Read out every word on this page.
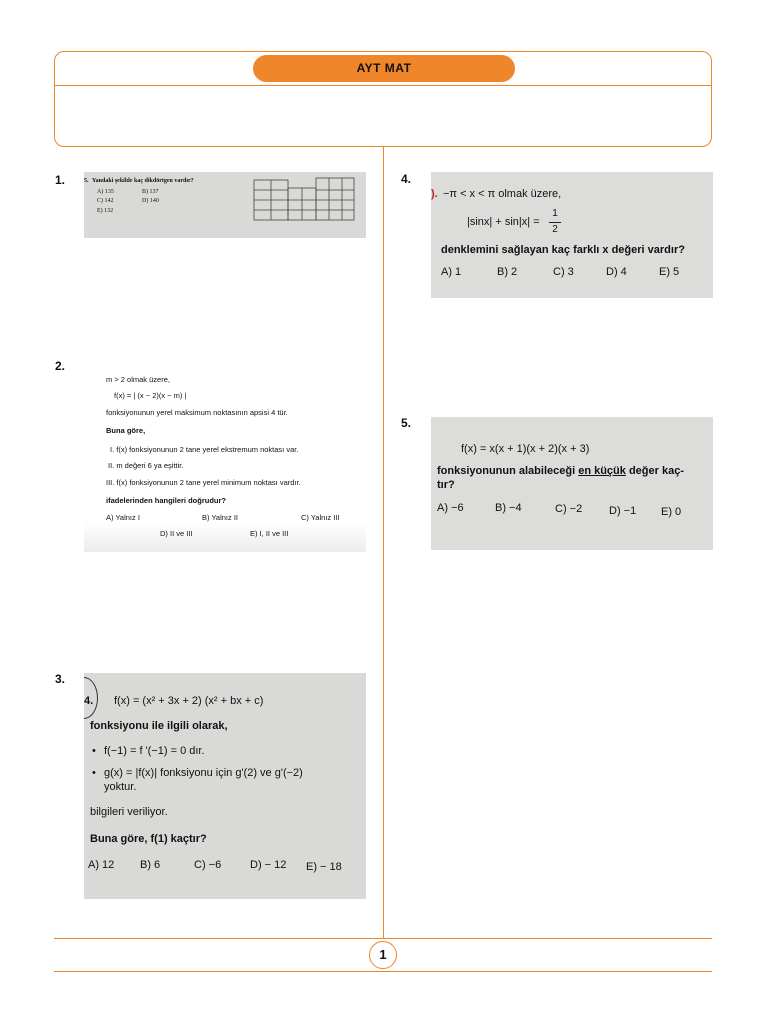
AYT MAT
1
1.	5. Yandaki şekilde kaç dikdörtgen vardır?
A) 135	B) 137
C) 142	D) 140
E) 132
2.
m > 2 olmak üzere,
f(x) = | (x − 2)(x − m) |
fonksiyonunun yerel maksimum noktasının apsisi 4 tür.
Buna göre,
I. f(x) fonksiyonunun 2 tane yerel ekstremum noktası var.
II. m değeri 6 ya eşittir.
III. f(x) fonksiyonunun 2 tane yerel minimum noktası vardır.
ifadelerinden hangileri doğrudur?
A) Yalnız I	B) Yalnız II	C) Yalnız III
D) II ve III	E) I, II ve III
3.
4. f(x) = (x² + 3x + 2) (x² + bx + c)
fonksiyonu ile ilgili olarak,
• f(−1) = f '(−1) = 0 dır.
• g(x) = |f(x)| fonksiyonu için g'(2) ve g'(−2)
yoktur.
bilgileri veriliyor.
Buna göre, f(1) kaçtır?
A) 12 B) 6	C) −6	D) − 12 E) − 18
4.
). −π < x < π olmak üzere,
|sinx| + sin|x| =
1
2
denklemini sağlayan kaç farklı x değeri vardır?
A) 1	B) 2	C) 3	D) 4	E) 5
5.
f(x) = x(x + 1)(x + 2)(x + 3)
fonksiyonunun alabileceği en küçük değer kaç-
tır?
A) −6	B) −4	C) −2 D) −1 E) 0
